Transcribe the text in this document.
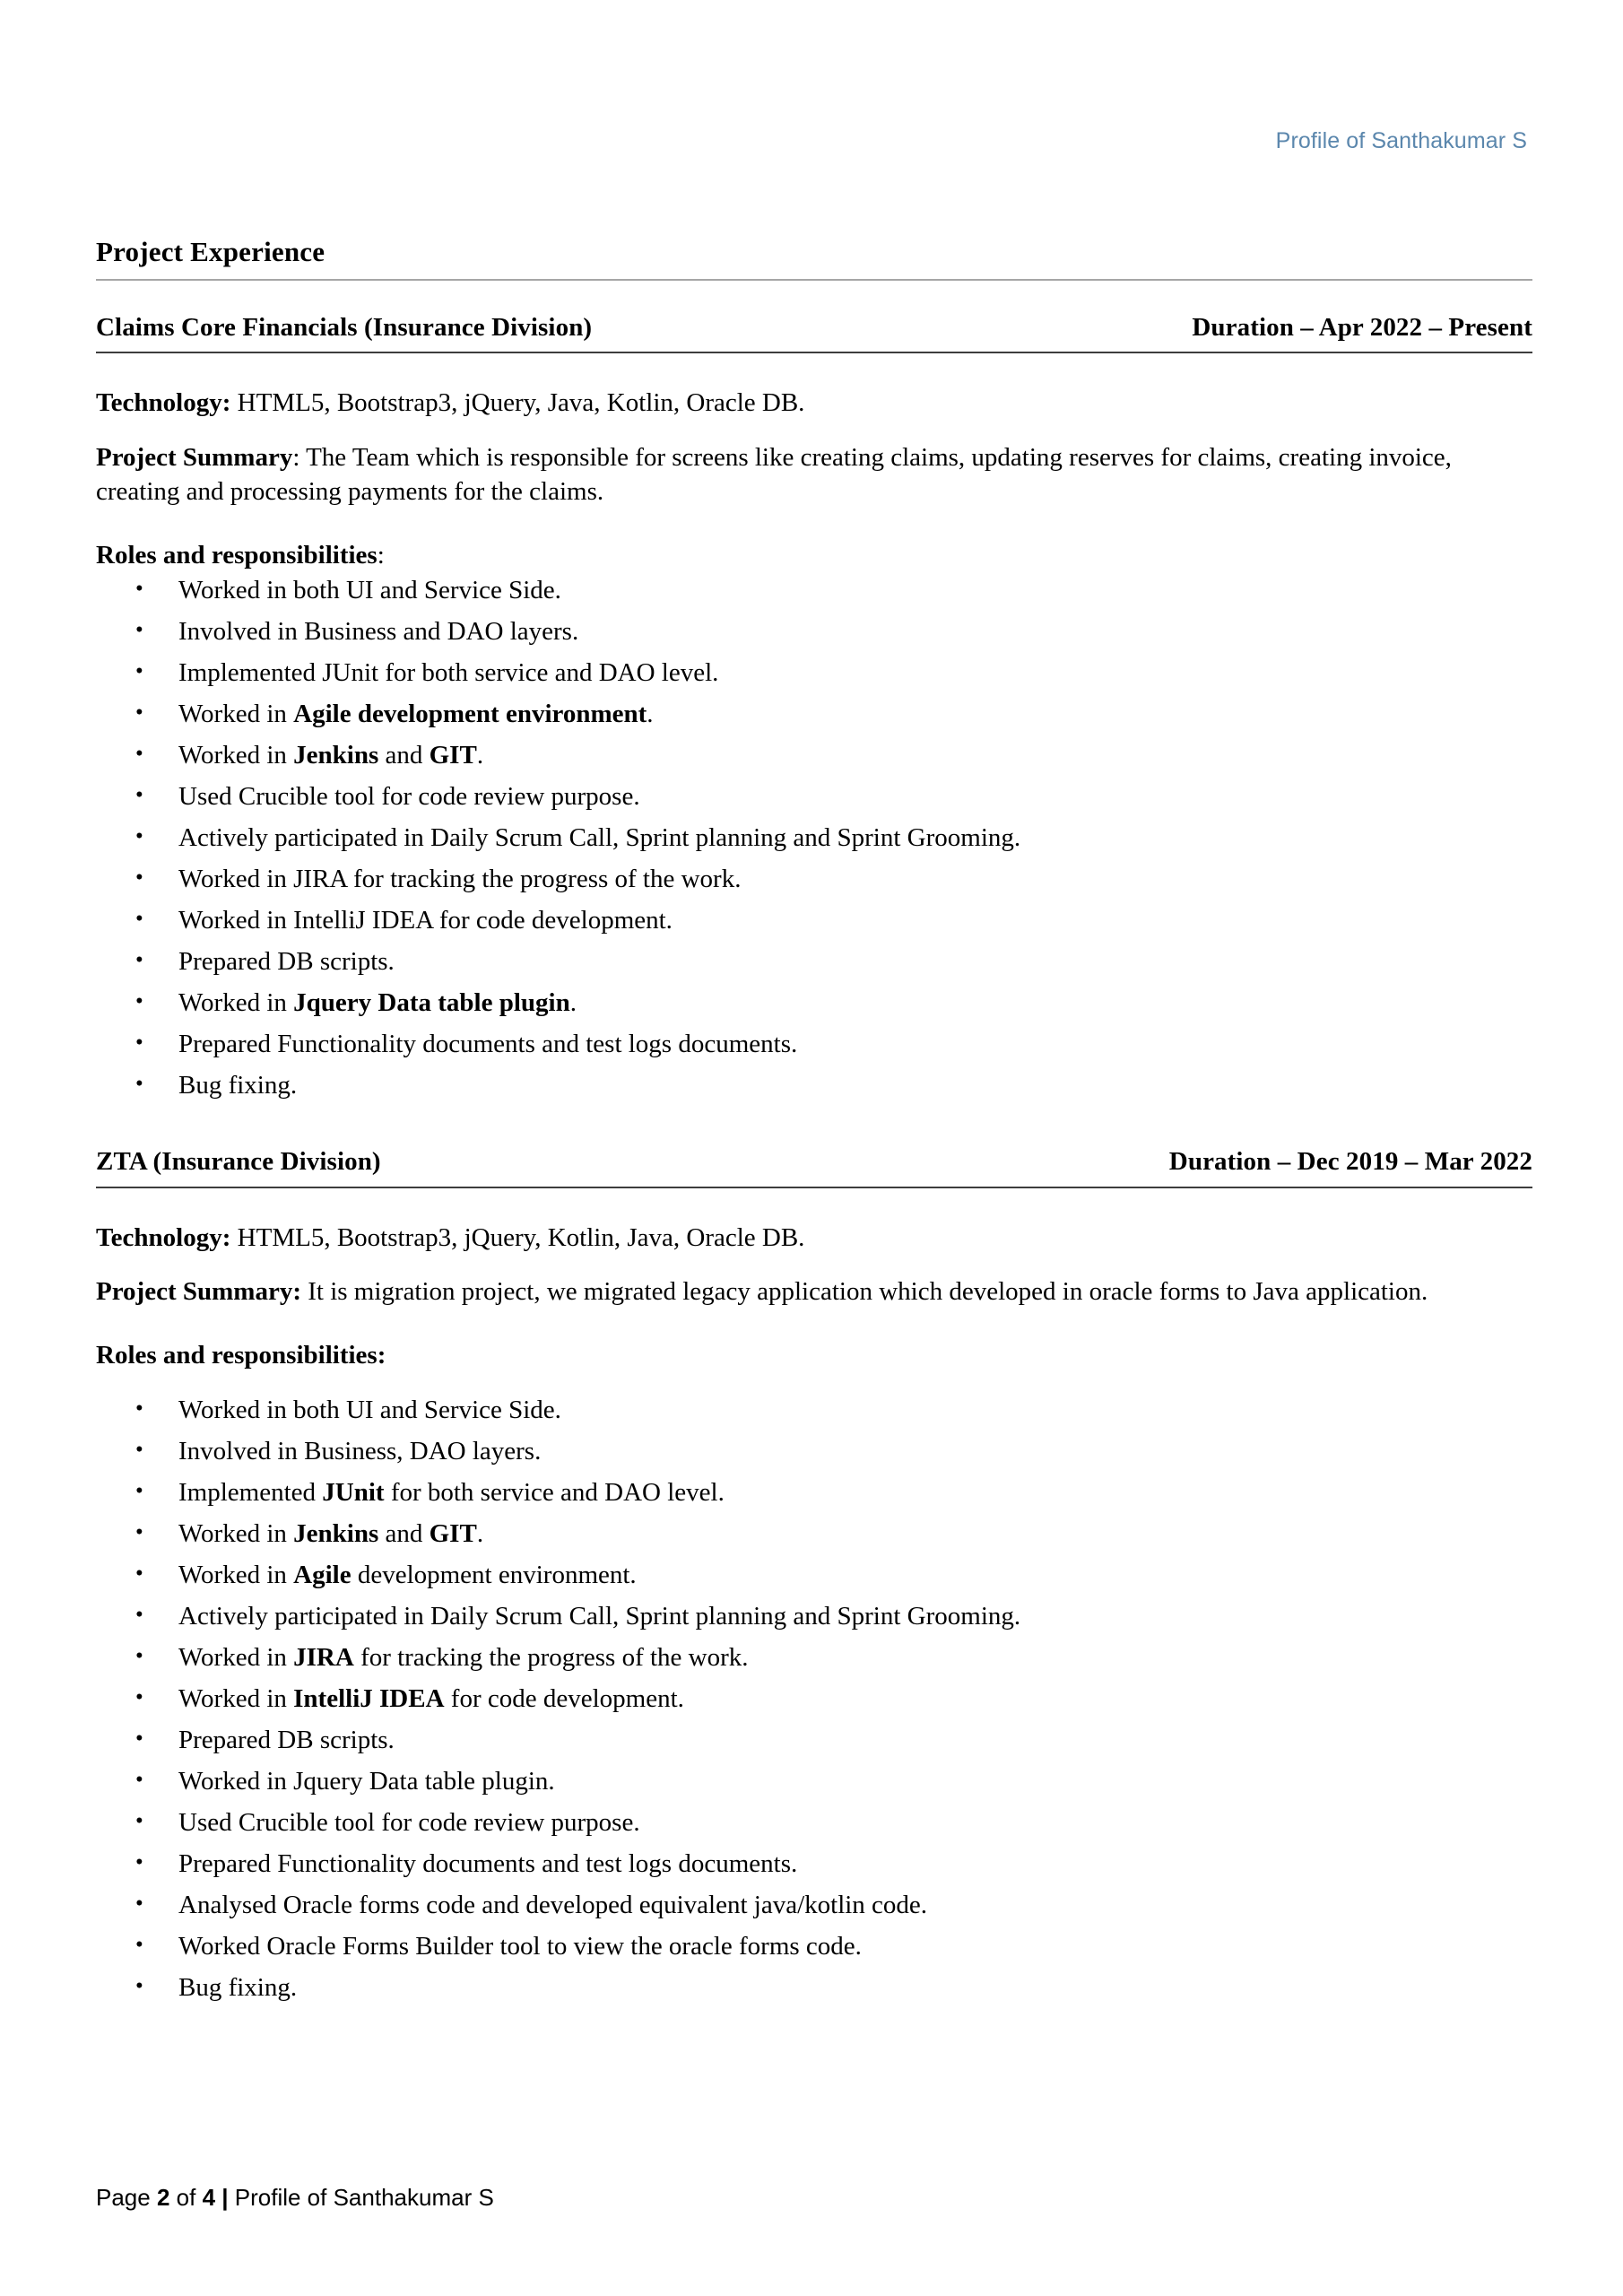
Profile of Santhakumar S
Project Experience
Claims Core Financials (Insurance Division)	Duration – Apr 2022 – Present

Technology: HTML5, Bootstrap3, jQuery, Java, Kotlin, Oracle DB.

Project Summary: The Team which is responsible for screens like creating claims, updating reserves for claims, creating invoice, creating and processing payments for the claims.

Roles and responsibilities:

• Worked in both UI and Service Side.
• Involved in Business and DAO layers.
• Implemented JUnit for both service and DAO level.
• Worked in Agile development environment.
• Worked in Jenkins and GIT.
• Used Crucible tool for code review purpose.
• Actively participated in Daily Scrum Call, Sprint planning and Sprint Grooming.
• Worked in JIRA for tracking the progress of the work.
• Worked in IntelliJ IDEA for code development.
• Prepared DB scripts.
• Worked in Jquery Data table plugin.
• Prepared Functionality documents and test logs documents.
• Bug fixing.
ZTA (Insurance Division)	Duration – Dec 2019 – Mar 2022

Technology: HTML5, Bootstrap3, jQuery, Kotlin, Java, Oracle DB.

Project Summary: It is migration project, we migrated legacy application which developed in oracle forms to Java application.

Roles and responsibilities:

• Worked in both UI and Service Side.
• Involved in Business, DAO layers.
• Implemented JUnit for both service and DAO level.
• Worked in Jenkins and GIT.
• Worked in Agile development environment.
• Actively participated in Daily Scrum Call, Sprint planning and Sprint Grooming.
• Worked in JIRA for tracking the progress of the work.
• Worked in IntelliJ IDEA for code development.
• Prepared DB scripts.
• Worked in Jquery Data table plugin.
• Used Crucible tool for code review purpose.
• Prepared Functionality documents and test logs documents.
• Analysed Oracle forms code and developed equivalent java/kotlin code.
• Worked Oracle Forms Builder tool to view the oracle forms code.
• Bug fixing.
Page 2 of 4 | Profile of Santhakumar S
